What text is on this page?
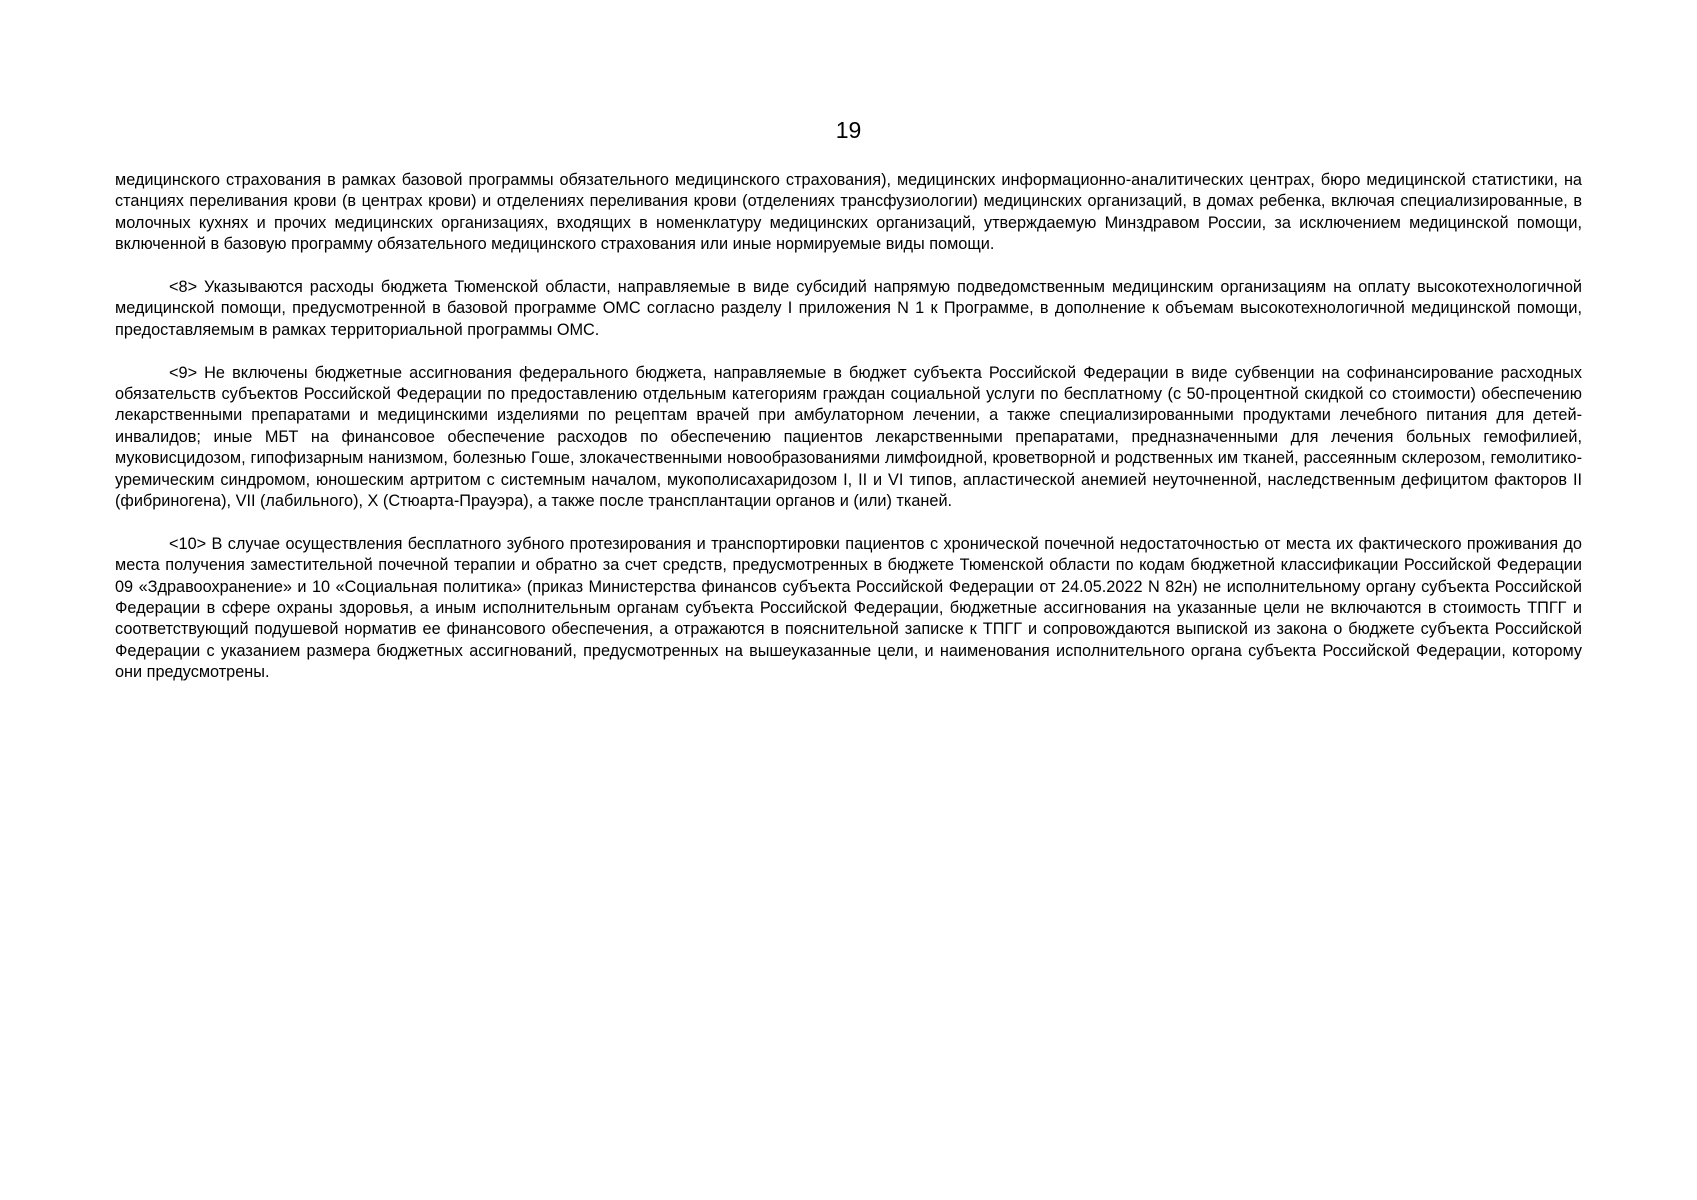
19

медицинского страхования в рамках базовой программы обязательного медицинского страхования), медицинских информационно-аналитических центрах, бюро медицинской статистики, на станциях переливания крови (в центрах крови) и отделениях переливания крови (отделениях трансфузиологии) медицинских организаций, в домах ребенка, включая специализированные, в молочных кухнях и прочих медицинских организациях, входящих в номенклатуру медицинских организаций, утверждаемую Минздравом России, за исключением медицинской помощи, включенной в базовую программу обязательного медицинского страхования или иные нормируемые виды помощи.

<8> Указываются расходы бюджета Тюменской области, направляемые в виде субсидий напрямую подведомственным медицинским организациям на оплату высокотехнологичной медицинской помощи, предусмотренной в базовой программе ОМС согласно разделу I приложения N 1 к Программе, в дополнение к объемам высокотехнологичной медицинской помощи, предоставляемым в рамках территориальной программы ОМС.

<9> Не включены бюджетные ассигнования федерального бюджета, направляемые в бюджет субъекта Российской Федерации в виде субвенции на софинансирование расходных обязательств субъектов Российской Федерации по предоставлению отдельным категориям граждан социальной услуги по бесплатному (с 50-процентной скидкой со стоимости) обеспечению лекарственными препаратами и медицинскими изделиями по рецептам врачей при амбулаторном лечении, а также специализированными продуктами лечебного питания для детей-инвалидов; иные МБТ на финансовое обеспечение расходов по обеспечению пациентов лекарственными препаратами, предназначенными для лечения больных гемофилией, муковисцидозом, гипофизарным нанизмом, болезнью Гоше, злокачественными новообразованиями лимфоидной, кроветворной и родственных им тканей, рассеянным склерозом, гемолитико-уремическим синдромом, юношеским артритом с системным началом, мукополисахаридозом I, II и VI типов, апластической анемией неуточненной, наследственным дефицитом факторов II (фибриногена), VII (лабильного), X (Стюарта-Прауэра), а также после трансплантации органов и (или) тканей.

<10> В случае осуществления бесплатного зубного протезирования и транспортировки пациентов с хронической почечной недостаточностью от места их фактического проживания до места получения заместительной почечной терапии и обратно за счет средств, предусмотренных в бюджете Тюменской области по кодам бюджетной классификации Российской Федерации 09 «Здравоохранение» и 10 «Социальная политика» (приказ Министерства финансов субъекта Российской Федерации от 24.05.2022 N 82н) не исполнительному органу субъекта Российской Федерации в сфере охраны здоровья, а иным исполнительным органам субъекта Российской Федерации, бюджетные ассигнования на указанные цели не включаются в стоимость ТПГГ и соответствующий подушевой норматив ее финансового обеспечения, а отражаются в пояснительной записке к ТПГГ и сопровождаются выпиской из закона о бюджете субъекта Российской Федерации с указанием размера бюджетных ассигнований, предусмотренных на вышеуказанные цели, и наименования исполнительного органа субъекта Российской Федерации, которому они предусмотрены.
